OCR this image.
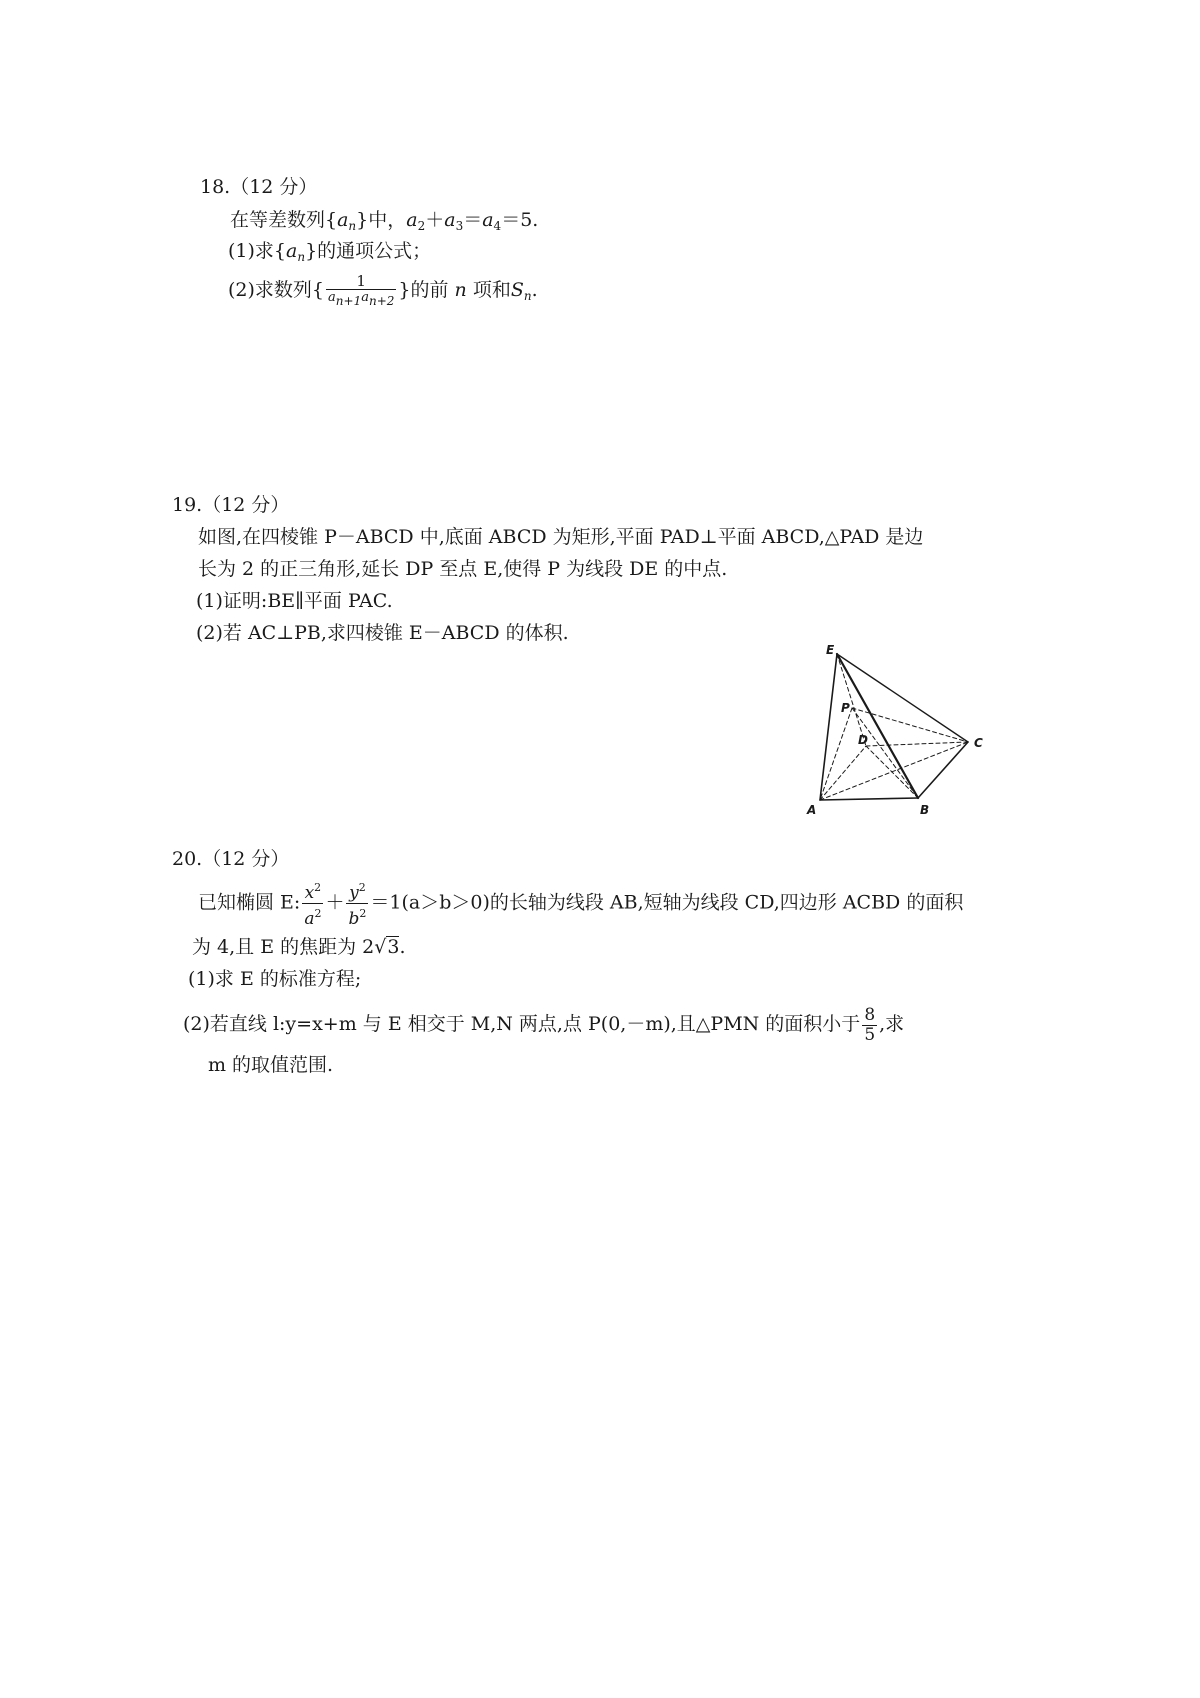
18.（12 分）
在等差数列$\{a_n\}$中，$a_2+a_3=a_4=5$.
(1)求$\{a_n\}$的通项公式；
(2)求数列{ $\frac{1}{a_{n+1}a_{n+2}}$ }的前 n 项和$S_n$.
19.（12 分）
如图,在四棱锥 P－ABCD 中,底面 ABCD 为矩形,平面 PAD⊥平面 ABCD,△PAD 是边
长为 2 的正三角形,延长 DP 至点 E,使得 P 为线段 DE 的中点.
(1)证明:BE∥平面 PAC.
(2)若 AC⊥PB,求四棱锥 E－ABCD 的体积.
E
P
D	C
A	B
20.（12 分）
已知椭圆 E: $\frac{x^2}{a^2} + \frac{y^2}{b^2} =1(a>b>0)$的长轴为线段 AB,短轴为线段 CD,四边形 ACBD 的面积
为 4,且 E 的焦距为 2√3.
(1)求 E 的标准方程;
(2)若直线 l:y=x+m 与 E 相交于 M,N 两点,点 P(0,－m),且△PMN 的面积小于 $\frac{8}{5}$ ,求
m 的取值范围.
